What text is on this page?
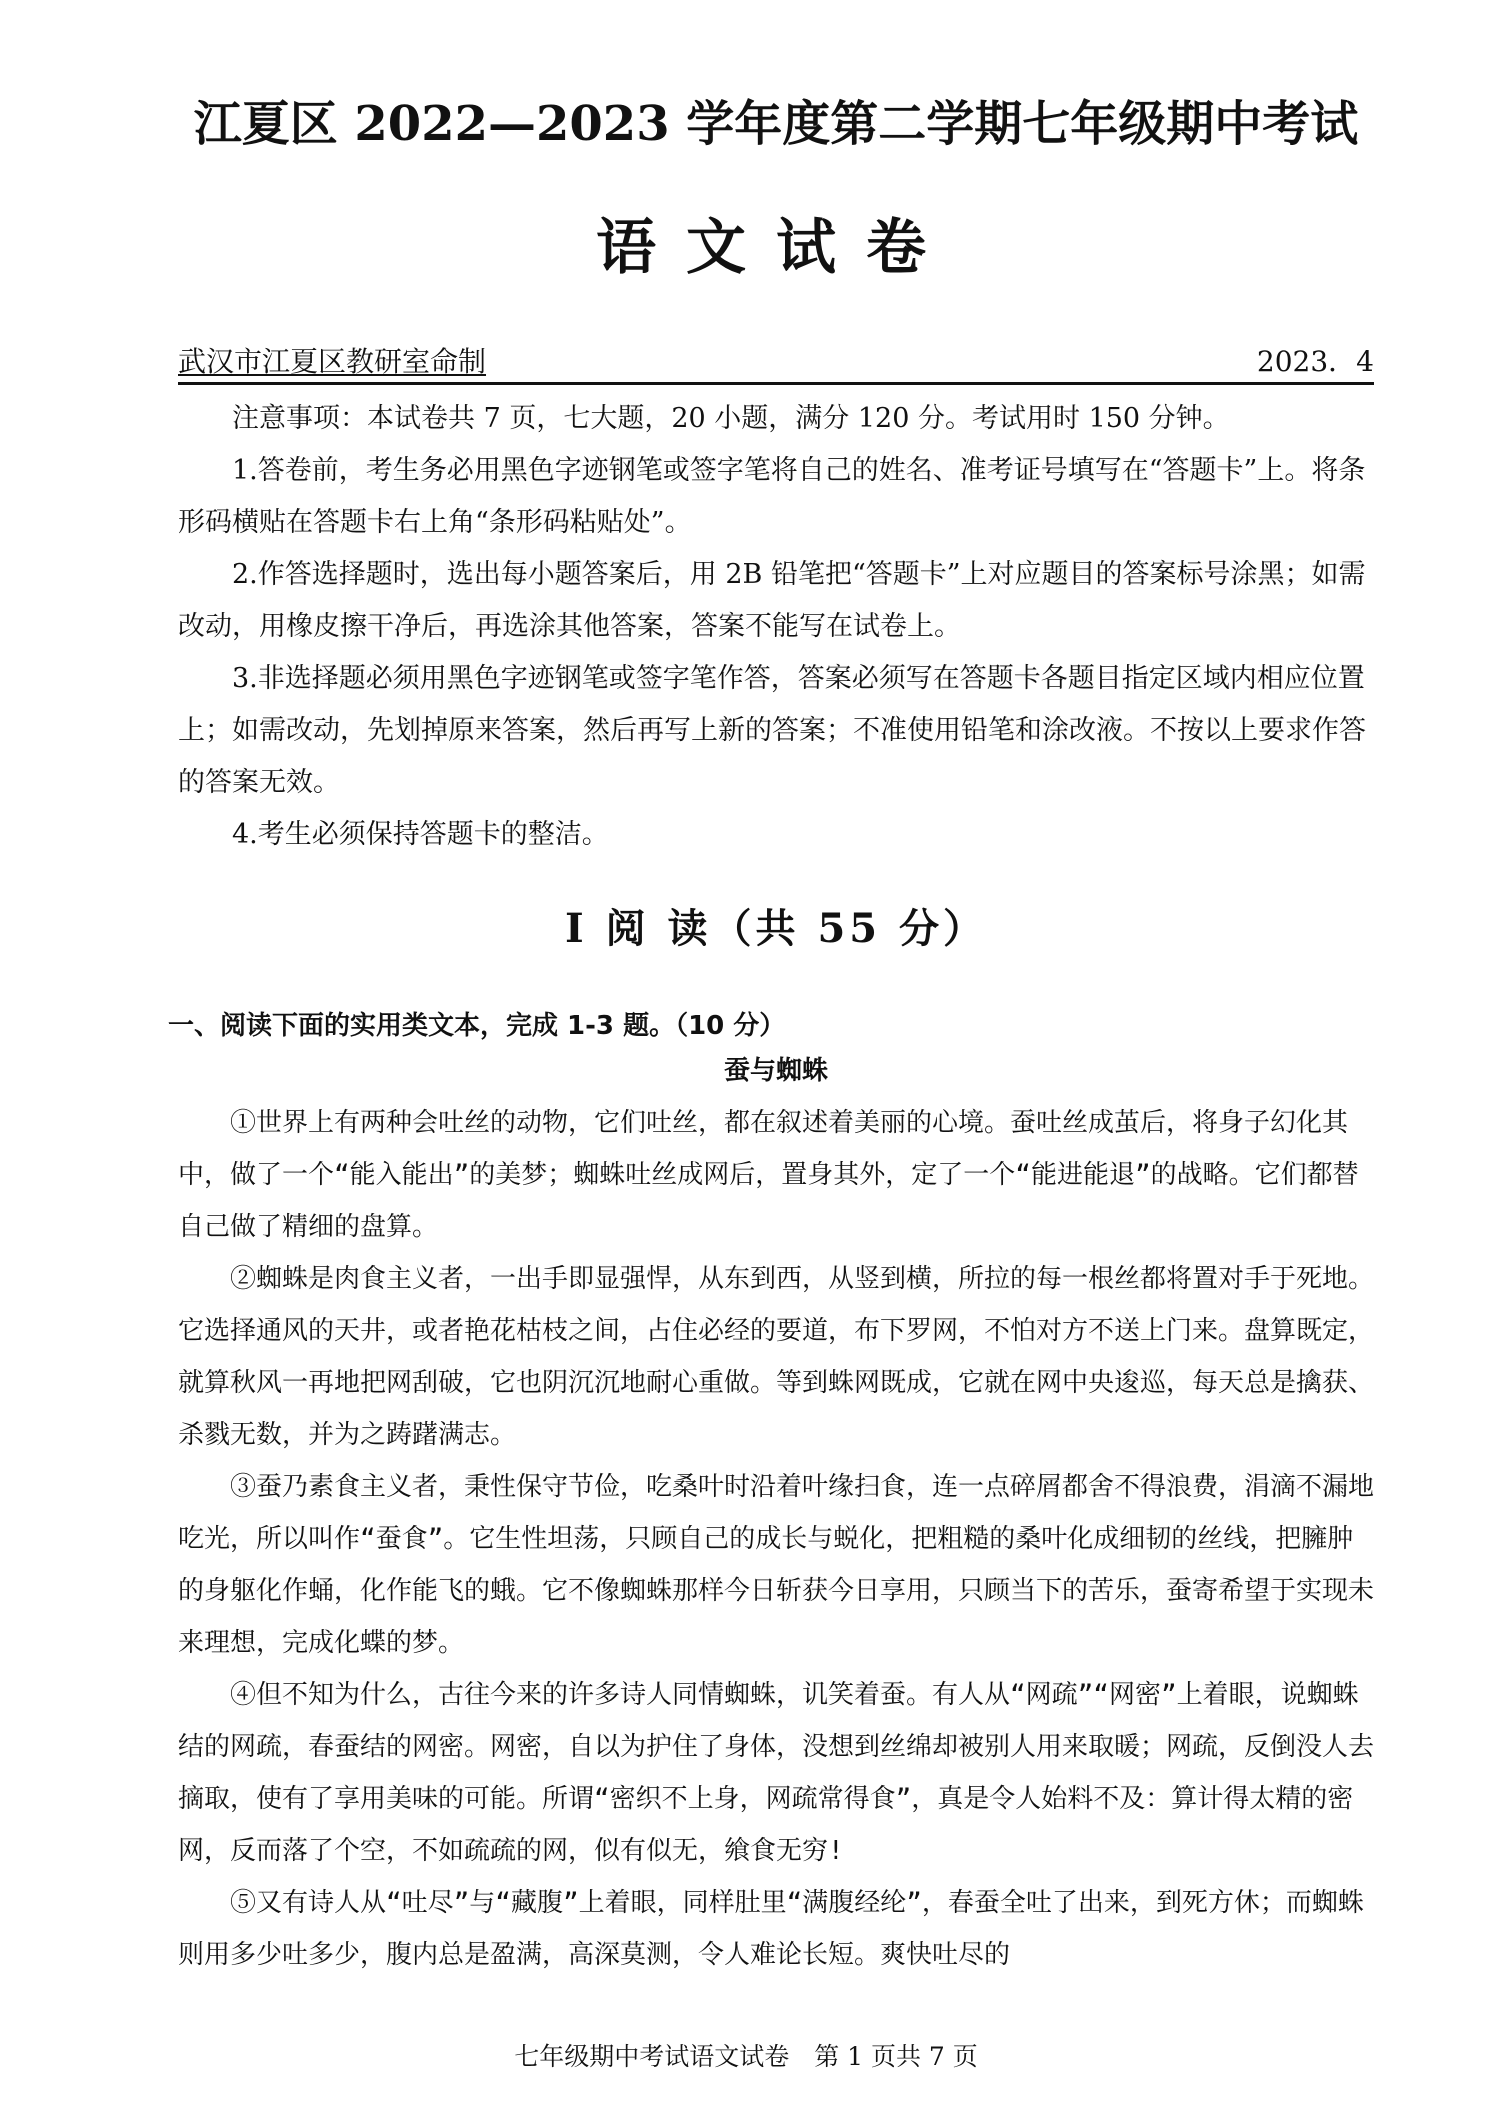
江夏区 2022—2023 学年度第二学期七年级期中考试
语文试卷
武汉市江夏区教研室命制	2023．4

注意事项：本试卷共 7 页，七大题，20 小题，满分 120 分。考试用时 150 分钟。

1.答卷前，考生务必用黑色字迹钢笔或签字笔将自己的姓名、准考证号填写在“答题卡”上。将条形码横贴在答题卡右上角“条形码粘贴处”。

2.作答选择题时，选出每小题答案后，用 2B 铅笔把“答题卡”上对应题目的答案标号涂黑；如需改动，用橡皮擦干净后，再选涂其他答案，答案不能写在试卷上。

3.非选择题必须用黑色字迹钢笔或签字笔作答，答案必须写在答题卡各题目指定区域内相应位置上；如需改动，先划掉原来答案，然后再写上新的答案；不准使用铅笔和涂改液。不按以上要求作答的答案无效。

4.考生必须保持答题卡的整洁。

Ⅰ 阅 读（共 55 分）
一、阅读下面的实用类文本，完成 1-3 题。（10 分）
蚕与蜘蛛

①世界上有两种会吐丝的动物，它们吐丝，都在叙述着美丽的心境。蚕吐丝成茧后，将身子幻化其中，做了一个“能入能出”的美梦；蜘蛛吐丝成网后，置身其外，定了一个“能进能退”的战略。它们都替自己做了精细的盘算。

②蜘蛛是肉食主义者，一出手即显强悍，从东到西，从竖到横，所拉的每一根丝都将置对手于死地。它选择通风的天井，或者艳花枯枝之间，占住必经的要道，布下罗网，不怕对方不送上门来。盘算既定，就算秋风一再地把网刮破，它也阴沉沉地耐心重做。等到蛛网既成，它就在网中央逡巡，每天总是擒获、杀戮无数，并为之踌躇满志。

③蚕乃素食主义者，秉性保守节俭，吃桑叶时沿着叶缘扫食，连一点碎屑都舍不得浪费，涓滴不漏地吃光，所以叫作“蚕食”。它生性坦荡，只顾自己的成长与蜕化，把粗糙的桑叶化成细韧的丝线，把臃肿的身躯化作蛹，化作能飞的蛾。它不像蜘蛛那样今日斩获今日享用，只顾当下的苦乐，蚕寄希望于实现未来理想，完成化蝶的梦。

④但不知为什么，古往今来的许多诗人同情蜘蛛，讥笑着蚕。有人从“网疏”“网密”上着眼，说蜘蛛结的网疏，春蚕结的网密。网密，自以为护住了身体，没想到丝绵却被别人用来取暖；网疏，反倒没人去摘取，使有了享用美味的可能。所谓“密织不上身，网疏常得食”，真是令人始料不及：算计得太精的密网，反而落了个空，不如疏疏的网，似有似无，飨食无穷!

⑤又有诗人从“吐尽”与“藏腹”上着眼，同样肚里“满腹经纶”，春蚕全吐了出来，到死方休；而蜘蛛则用多少吐多少，腹内总是盈满，高深莫测，令人难论长短。爽快吐尽的

七年级期中考试语文试卷　第 1 页共 7 页
